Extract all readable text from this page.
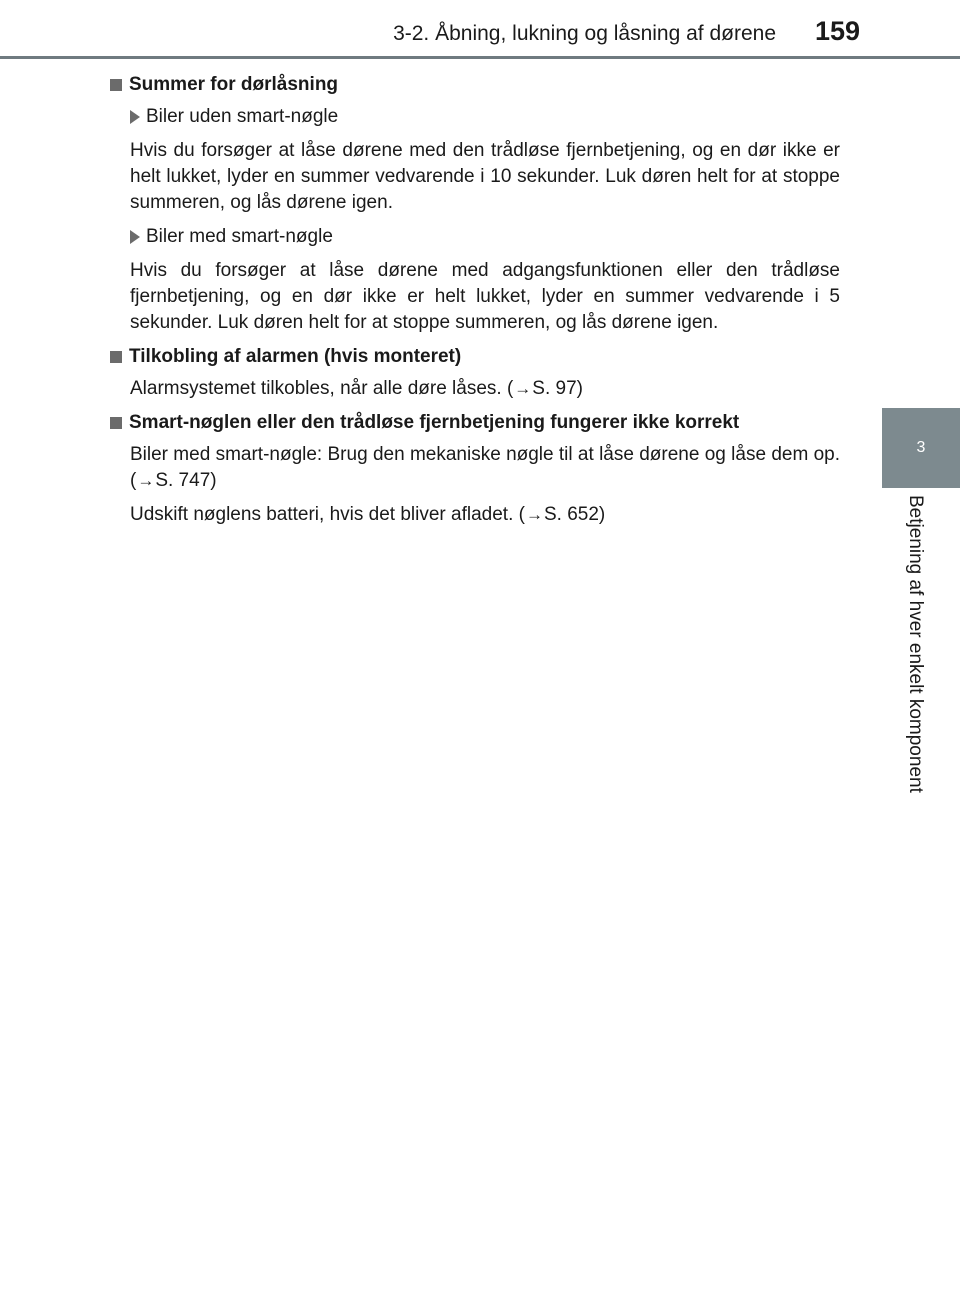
3-2. Åbning, lukning og låsning af dørene 159
3
Betjening af hver enkelt komponent
Summer for dørlåsning
Biler uden smart-nøgle

Hvis du forsøger at låse dørene med den trådløse fjernbetjening, og en dør ikke er helt lukket, lyder en summer vedvarende i 10 sekunder. Luk døren helt for at stoppe summeren, og lås dørene igen.

Biler med smart-nøgle

Hvis du forsøger at låse dørene med adgangsfunktionen eller den trådløse fjernbetjening, og en dør ikke er helt lukket, lyder en summer vedvarende i 5 sekunder. Luk døren helt for at stoppe summeren, og lås dørene igen.

Tilkobling af alarmen (hvis monteret)

Alarmsystemet tilkobles, når alle døre låses. (→S. 97)

Smart-nøglen eller den trådløse fjernbetjening fungerer ikke korrekt

Biler med smart-nøgle: Brug den mekaniske nøgle til at låse dørene og låse dem op. (→S. 747)

Udskift nøglens batteri, hvis det bliver afladet. (→S. 652)
